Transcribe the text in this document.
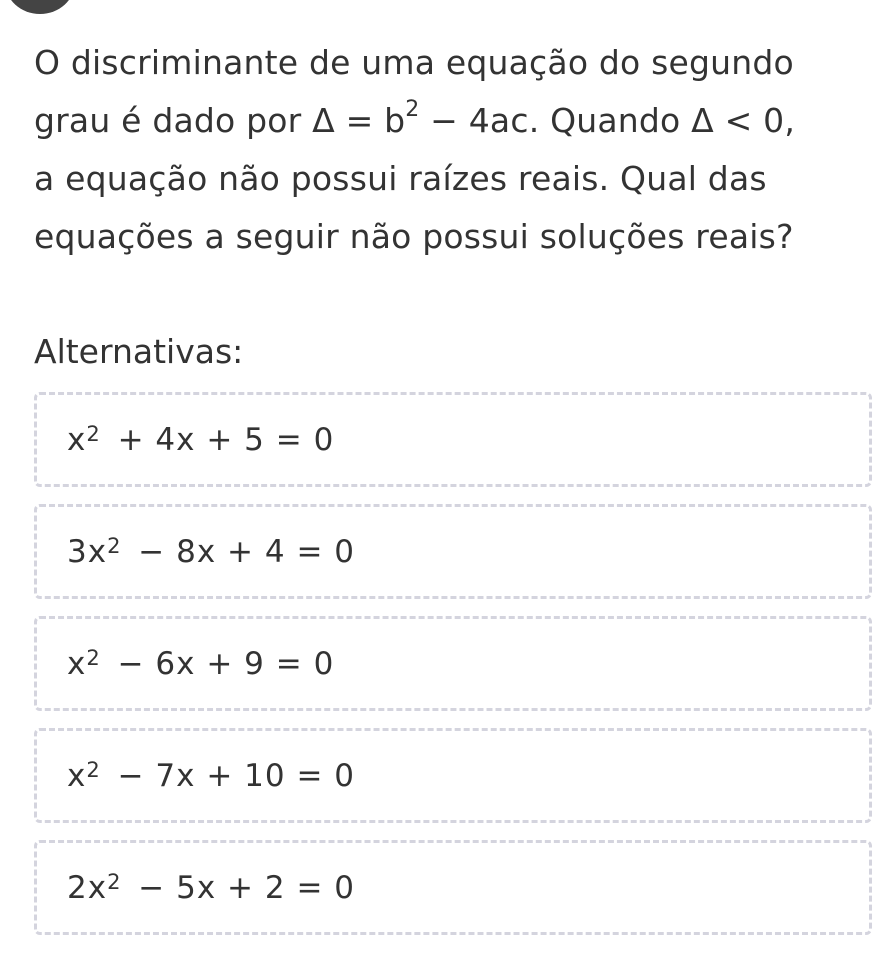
O discriminante de uma equação do segundo
grau é dado por $\Delta = b^2 - 4ac$. Quando Δ < 0,
a equação não possui raízes reais. Qual das
equações a seguir não possui soluções reais?
Alternativas:
$x^2 + 4x + 5 = 0$
$3x^2 - 8x + 4 = 0$
$x^2 - 6x + 9 = 0$
$x^2 - 7x + 10 = 0$
$2x^2 - 5x + 2 = 0$
